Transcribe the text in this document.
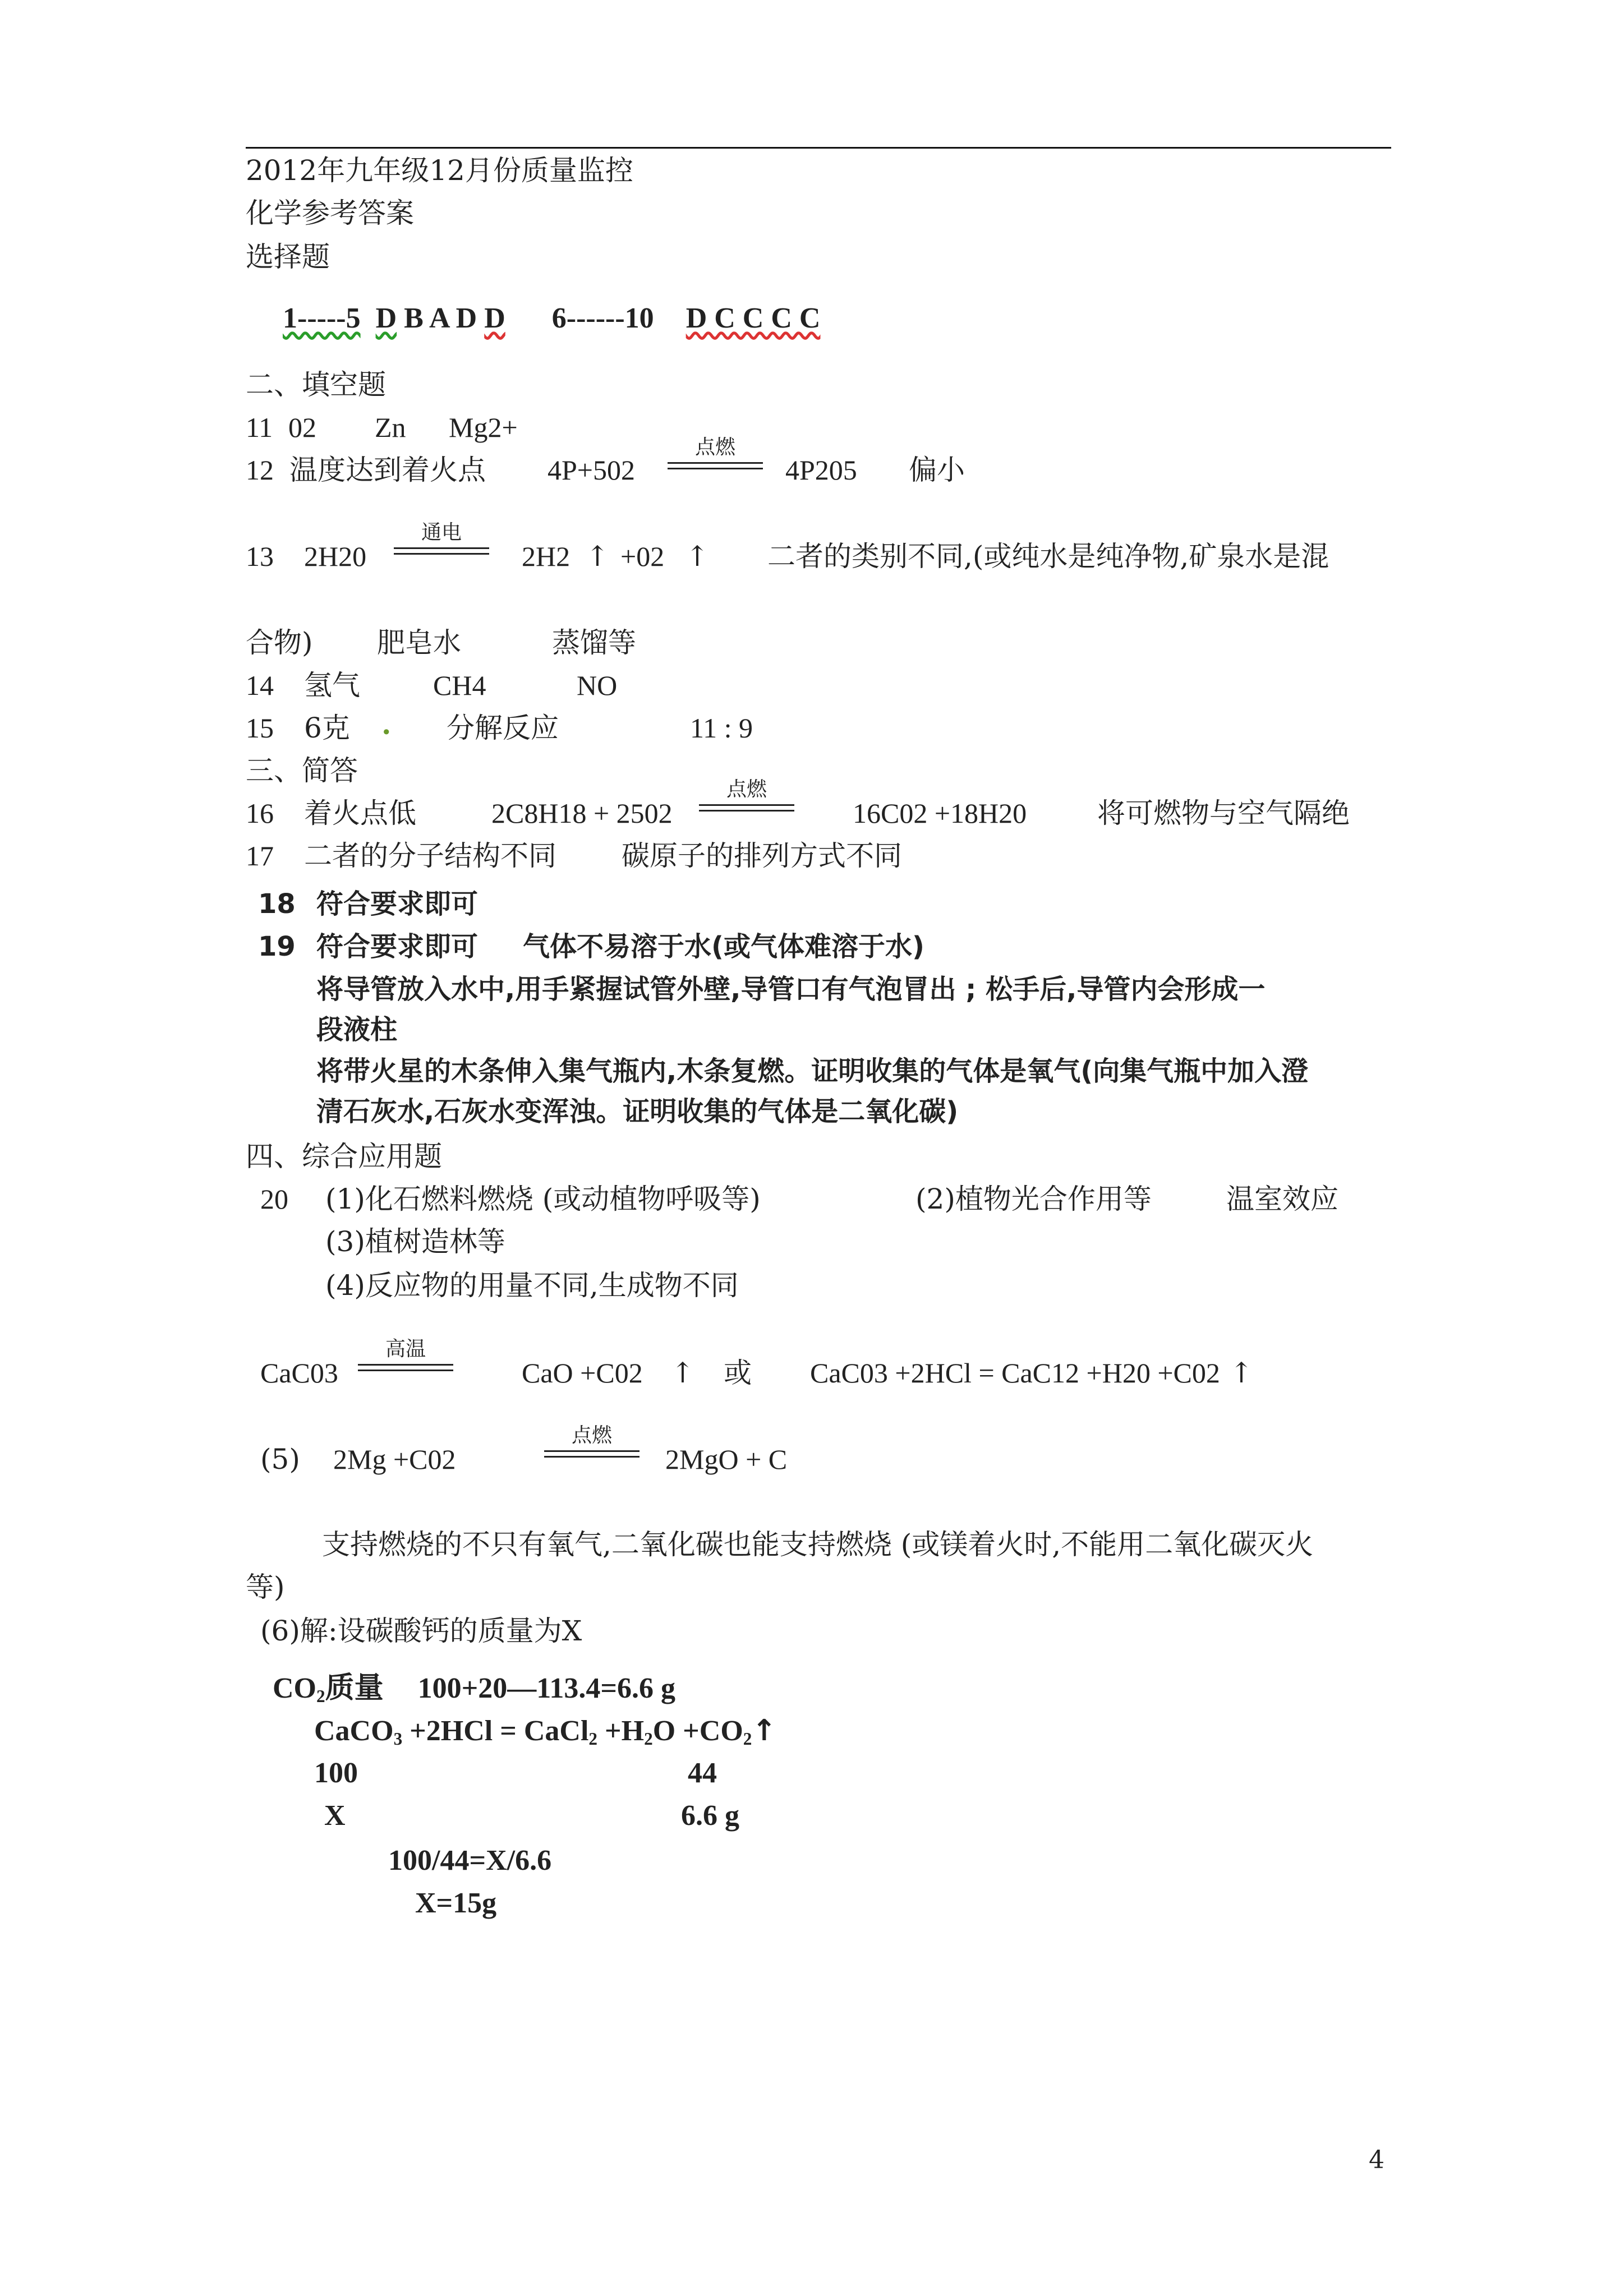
2012年九年级12月份质量监控
化学参考答案
选择题
1-----5 D B A D D 6------10 D C C C C
二、填空题
11 02 Zn Mg2+
12 温度达到着火点 4P+502
点燃
4P205 偏小
13 2H20
通电
2H2 ↑ +02 ↑ 二者的类别不同,(或纯水是纯净物,矿泉水是混
合物) 肥皂水	蒸馏等
14 氢气	CH4	NO
15 6克 . 分解反应	11 : 9
三、简答
16 着火点低	2C8H18 + 2502
点燃
16C02 +18H20	将可燃物与空气隔绝
17 二者的分子结构不同 碳原子的排列方式不同
18 符合要求即可
19 符合要求即可 气体不易溶于水(或气体难溶于水)
将导管放入水中,用手紧握试管外壁,导管口有气泡冒出 ; 松手后,导管内会形成一
段液柱
将带火星的木条伸入集气瓶内,木条复燃。证明收集的气体是氧气(向集气瓶中加入澄
清石灰水,石灰水变浑浊。证明收集的气体是二氧化碳)
四、综合应用题
20 (1)化石燃料燃烧 (或动植物呼吸等)	(2)植物光合作用等	温室效应
(3)植树造林等
(4)反应物的用量不同,生成物不同
CaC03
高温
CaO +C02 ↑ 或 CaC03 +2HCl = CaC12 +H20 +C02 ↑
(5) 2Mg +C02
点燃
2MgO + C
支持燃烧的不只有氧气,二氧化碳也能支持燃烧 (或镁着火时,不能用二氧化碳灭火
等)
(6)解:设碳酸钙的质量为X
$CO_2$质量 100+20—113.4=6.6 g
CaCO$_3$ +2HCl = CaCl$_2$ $+H_2O$ $+CO_2↑$
100	44
X	6.6 g
100/44=X/6.6
X=15g
4
